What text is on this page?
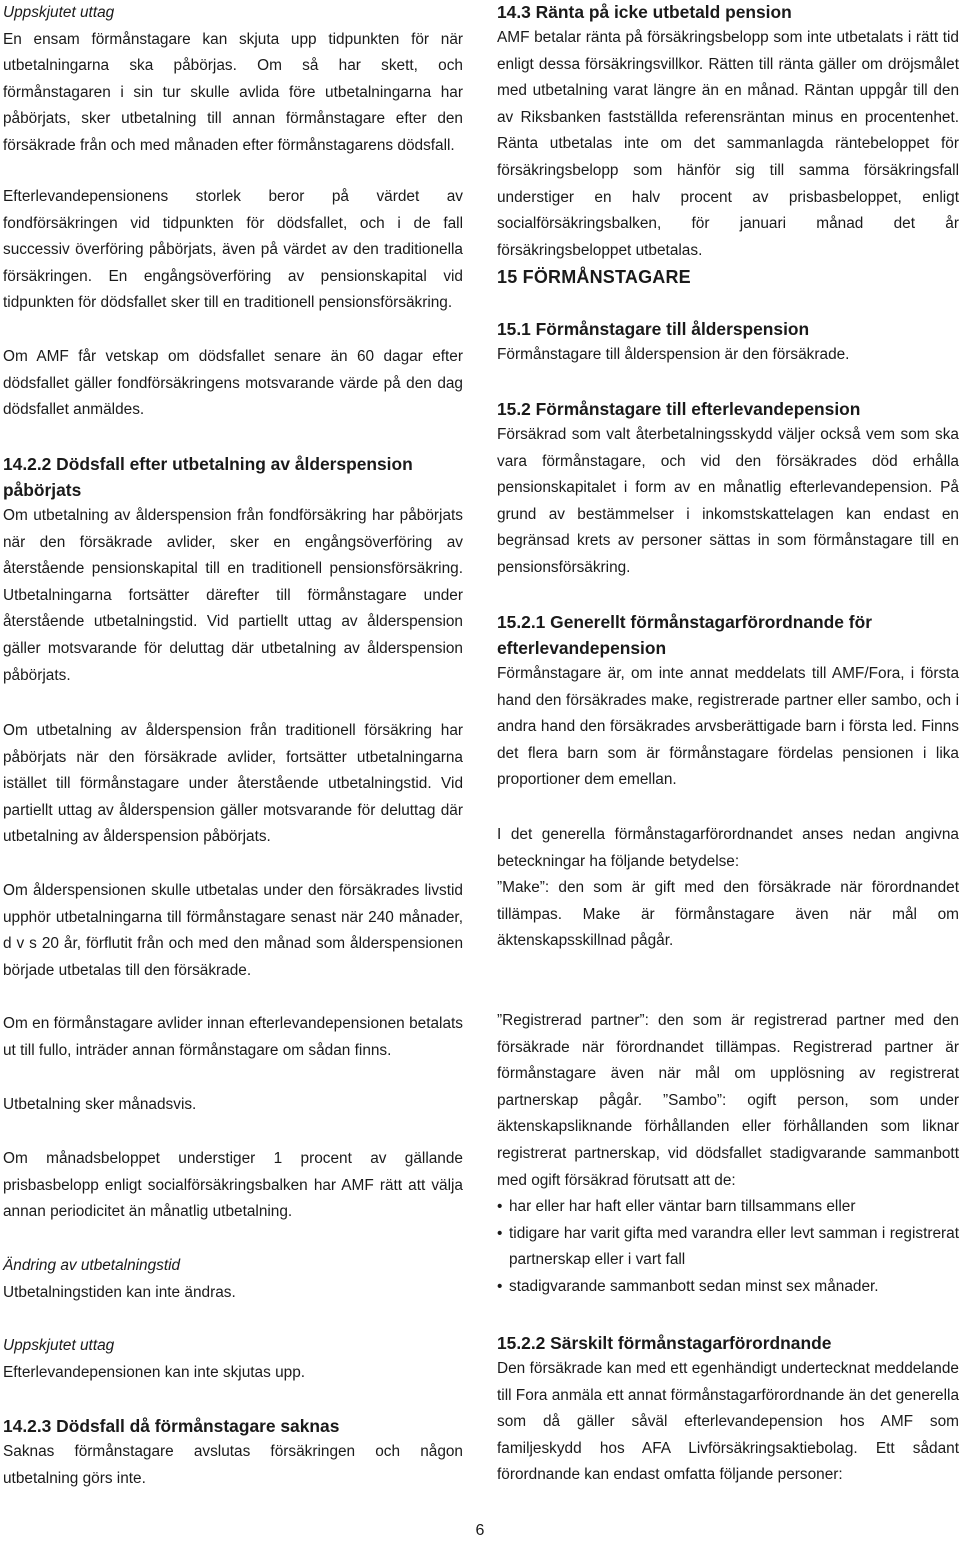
Uppskjutet uttag

En ensam förmånstagare kan skjuta upp tidpunkten för när utbetalningarna ska påbörjas. Om så har skett, och förmånstagaren i sin tur skulle avlida före utbetalningarna har påbörjats, sker utbetalning till annan förmånstagare efter den försäkrade från och med månaden efter förmånstagarens dödsfall.

Efterlevandepensionens storlek beror på värdet av fondförsäkringen vid tidpunkten för dödsfallet, och i de fall successiv överföring påbörjats, även på värdet av den traditionella försäkringen. En engångsöverföring av pensionskapital vid tidpunkten för dödsfallet sker till en traditionell pensionsförsäkring.

Om AMF får vetskap om dödsfallet senare än 60 dagar efter dödsfallet gäller fondförsäkringens motsvarande värde på den dag dödsfallet anmäldes.

14.2.2 Dödsfall efter utbetalning av ålderspension påbörjats

Om utbetalning av ålderspension från fondförsäkring har påbörjats när den försäkrade avlider, sker en engångsöverföring av återstående pensionskapital till en traditionell pensionsförsäkring. Utbetalningarna fortsätter därefter till förmånstagare under återstående utbetalningstid. Vid partiellt uttag av ålderspension gäller motsvarande för deluttag där utbetalning av ålderspension påbörjats.

Om utbetalning av ålderspension från traditionell försäkring har påbörjats när den försäkrade avlider, fortsätter utbetalningarna istället till förmånstagare under återstående utbetalningstid. Vid partiellt uttag av ålderspension gäller motsvarande för deluttag där utbetalning av ålderspension påbörjats.

Om ålderspensionen skulle utbetalas under den försäkrades livstid upphör utbetalningarna till förmånstagare senast när 240 månader, d v s 20 år, förflutit från och med den månad som ålderspensionen började utbetalas till den försäkrade.

Om en förmånstagare avlider innan efterlevandepensionen betalats ut till fullo, inträder annan förmånstagare om sådan finns.

Utbetalning sker månadsvis.

Om månadsbeloppet understiger 1 procent av gällande prisbasbelopp enligt socialförsäkringsbalken har AMF rätt att välja annan periodicitet än månatlig utbetalning.

Ändring av utbetalningstid

Utbetalningstiden kan inte ändras.

Uppskjutet uttag

Efterlevandepensionen kan inte skjutas upp.

14.2.3 Dödsfall då förmånstagare saknas

Saknas förmånstagare avslutas försäkringen och någon utbetalning görs inte.

14.3 Ränta på icke utbetald pension

AMF betalar ränta på försäkringsbelopp som inte utbetalats i rätt tid enligt dessa försäkringsvillkor. Rätten till ränta gäller om dröjsmålet med utbetalning varat längre än en månad. Räntan uppgår till den av Riksbanken fastställda referensräntan minus en procentenhet. Ränta utbetalas inte om det sammanlagda räntebeloppet för försäkringsbelopp som hänför sig till samma försäkringsfall understiger en halv procent av prisbasbeloppet, enligt socialförsäkringsbalken, för januari månad det år försäkringsbeloppet utbetalas.

15 FÖRMÅNSTAGARE
15.1 Förmånstagare till ålderspension

Förmånstagare till ålderspension är den försäkrade.

15.2 Förmånstagare till efterlevandepension

Försäkrad som valt återbetalningsskydd väljer också vem som ska vara förmånstagare, och vid den försäkrades död erhålla pensionskapitalet i form av en månatlig efterlevandepension. På grund av bestämmelser i inkomstskattelagen kan endast en begränsad krets av personer sättas in som förmånstagare till en pensionsförsäkring.

15.2.1 Generellt förmånstagarförordnande för efterlevandepension

Förmånstagare är, om inte annat meddelats till AMF/Fora, i första hand den försäkrades make, registrerade partner eller sambo, och i andra hand den försäkrades arvsberättigade barn i första led. Finns det flera barn som är förmånstagare fördelas pensionen i lika proportioner dem emellan.

I det generella förmånstagarförordnandet anses nedan angivna beteckningar ha följande betydelse:

”Make”: den som är gift med den försäkrade när förordnandet tillämpas. Make är förmånstagare även när mål om äktenskapsskillnad pågår.

”Registrerad partner”: den som är registrerad partner med den försäkrade när förordnandet tillämpas. Registrerad partner är förmånstagare även när mål om upplösning av registrerat partnerskap pågår. ”Sambo”: ogift person, som under äktenskapsliknande förhållanden eller förhållanden som liknar registrerat partnerskap, vid dödsfallet stadigvarande sammanbott med ogift försäkrad förutsatt att de:

• har eller har haft eller väntar barn tillsammans eller
• tidigare har varit gifta med varandra eller levt samman i registrerat partnerskap eller i vart fall
• stadigvarande sammanbott sedan minst sex månader.
15.2.2 Särskilt förmånstagarförordnande

Den försäkrade kan med ett egenhändigt undertecknat meddelande till Fora anmäla ett annat förmånstagarförordnande än det generella som då gäller såväl efterlevandepension hos AMF som familjeskydd hos AFA Livförsäkringsaktiebolag. Ett sådant förordnande kan endast omfatta följande personer:

6
